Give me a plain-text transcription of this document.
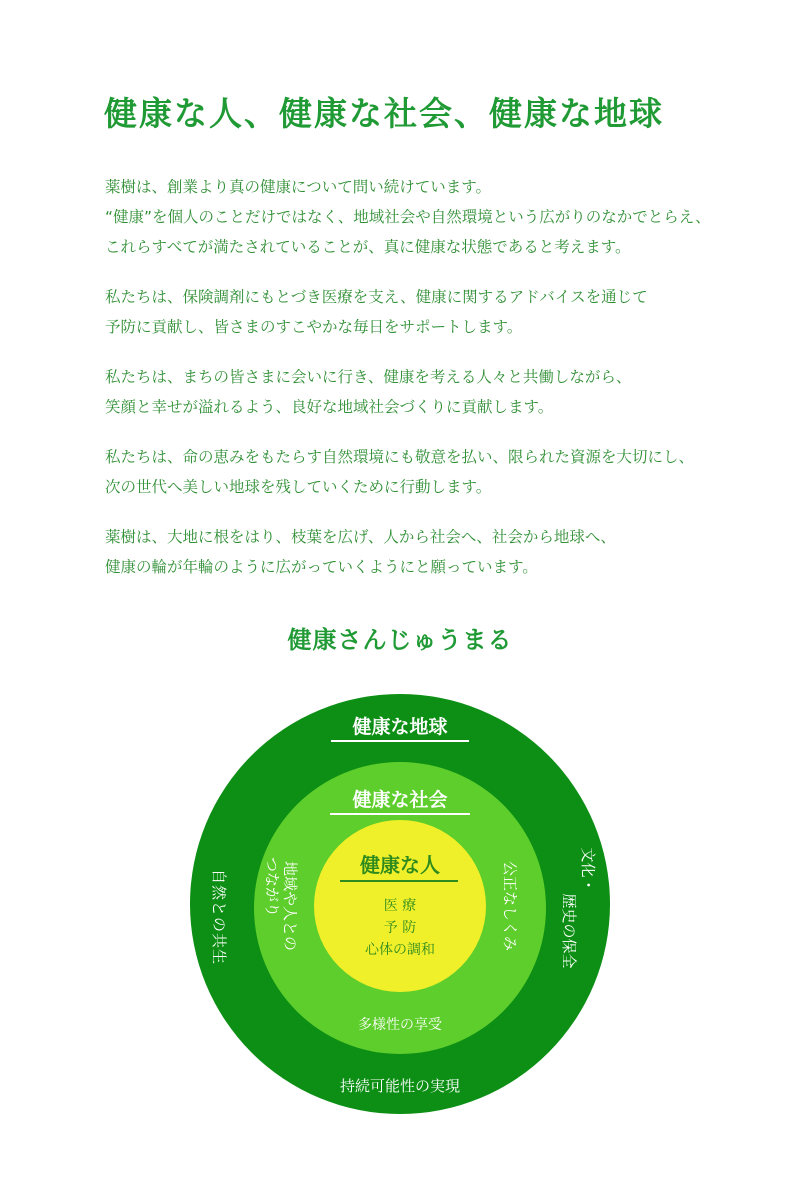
健康な人、健康な社会、健康な地球

薬樹は、創業より真の健康について問い続けています。
“健康”を個人のことだけではなく、地域社会や自然環境という広がりのなかでとらえ、
これらすべてが満たされていることが、真に健康な状態であると考えます。

私たちは、保険調剤にもとづき医療を支え、健康に関するアドバイスを通じて
予防に貢献し、皆さまのすこやかな毎日をサポートします。

私たちは、まちの皆さまに会いに行き、健康を考える人々と共働しながら、
笑顔と幸せが溢れるよう、良好な地域社会づくりに貢献します。

私たちは、命の恵みをもたらす自然環境にも敬意を払い、限られた資源を大切にし、
次の世代へ美しい地球を残していくために行動します。

薬樹は、大地に根をはり、枝葉を広げ、人から社会へ、社会から地球へ、
健康の輪が年輪のように広がっていくようにと願っています。

健康さんじゅうまる
健康な地球
自然との共生	文化・
歴史の保全
持続可能性の実現
健康な社会
地域や人との
つながり	公正なしくみ
多様性の享受
健康な人
医 療
予 防
心体の調和
